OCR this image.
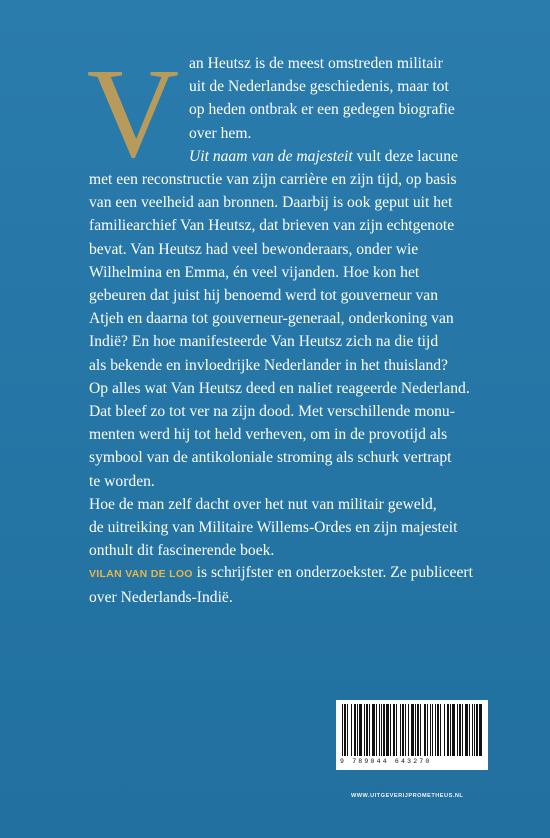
V an Heutsz is de meest omstreden militair
uit de Nederlandse geschiedenis, maar tot
op heden ontbrak er een gedegen biografie
over hem.
Uit naam van de majesteit vult deze lacune
met een reconstructie van zijn carrière en zijn tijd, op basis
van een veelheid aan bronnen. Daarbij is ook geput uit het
familiearchief Van Heutsz, dat brieven van zijn echtgenote
bevat. Van Heutsz had veel bewonderaars, onder wie
Wilhelmina en Emma, én veel vijanden. Hoe kon het
gebeuren dat juist hij benoemd werd tot gouverneur van
Atjeh en daarna tot gouverneur-generaal, onderkoning van
Indië? En hoe manifesteerde Van Heutsz zich na die tijd
als bekende en invloedrijke Nederlander in het thuisland?
Op alles wat Van Heutsz deed en naliet reageerde Nederland.
Dat bleef zo tot ver na zijn dood. Met verschillende monu-
menten werd hij tot held verheven, om in de provotijd als
symbool van de antikoloniale stroming als schurk vertrapt
te worden.
Hoe de man zelf dacht over het nut van militair geweld,
de uitreiking van Militaire Willems-Ordes en zijn majesteit
onthult dit fascinerende boek.
VILAN VAN DE LOO is schrijfster en onderzoekster. Ze publiceert
over Nederlands-Indië.
9 789044 643270
WWW.UITGEVERIJPROMETHEUS.NL
